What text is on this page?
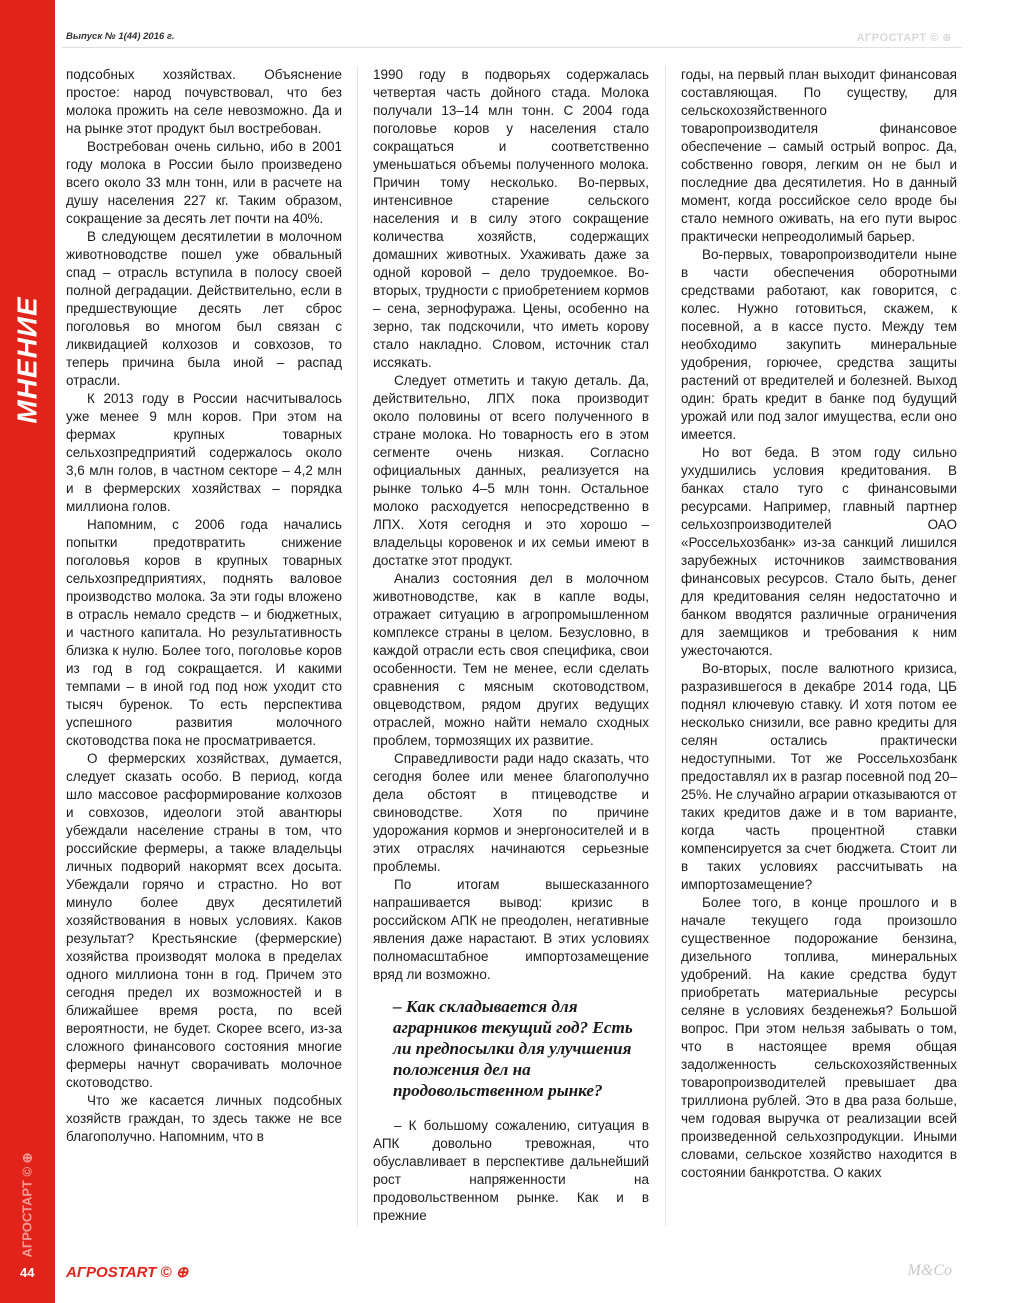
МНЕНИЕ
АГРОСТАРТ © ⊕
44
Выпуск № 1(44) 2016 г.	АГРОСТАРТ © ⊕

подсобных хозяйствах. Объяснение простое: народ почувствовал, что без молока прожить на селе невозможно. Да и на рынке этот продукт был востребован.

Востребован очень сильно, ибо в 2001 году молока в России было произведено всего около 33 млн тонн, или в расчете на душу населения 227 кг. Таким образом, сокращение за десять лет почти на 40%.

В следующем десятилетии в молочном животноводстве пошел уже обвальный спад – отрасль вступила в полосу своей полной деградации. Действительно, если в предшествующие десять лет сброс поголовья во многом был связан с ликвидацией колхозов и совхозов, то теперь причина была иной – распад отрасли.

К 2013 году в России насчитывалось уже менее 9 млн коров. При этом на фермах крупных товарных сельхозпредприятий содержалось около 3,6 млн голов, в частном секторе – 4,2 млн и в фермерских хозяйствах – порядка миллиона голов.

Напомним, с 2006 года начались попытки предотвратить снижение поголовья коров в крупных товарных сельхозпредприятиях, поднять валовое производство молока. За эти годы вложено в отрасль немало средств – и бюджетных, и частного капитала. Но результативность близка к нулю. Более того, поголовье коров из год в год сокращается. И какими темпами – в иной год под нож уходит сто тысяч буренок. То есть перспектива успешного развития молочного скотоводства пока не просматривается.

О фермерских хозяйствах, думается, следует сказать особо. В период, когда шло массовое расформирование колхозов и совхозов, идеологи этой авантюры убеждали население страны в том, что российские фермеры, а также владельцы личных подворий накормят всех досыта. Убеждали горячо и страстно. Но вот минуло более двух десятилетий хозяйствования в новых условиях. Каков результат? Крестьянские (фермерские) хозяйства производят молока в пределах одного миллиона тонн в год. Причем это сегодня предел их возможностей и в ближайшее время роста, по всей вероятности, не будет. Скорее всего, из-за сложного финансового состояния многие фермеры начнут сворачивать молочное скотоводство.

Что же касается личных подсобных хозяйств граждан, то здесь также не все благополучно. Напомним, что в

1990 году в подворьях содержалась четвертая часть дойного стада. Молока получали 13–14 млн тонн. С 2004 года поголовье коров у населения стало сокращаться и соответственно уменьшаться объемы полученного молока. Причин тому несколько. Во-первых, интенсивное старение сельского населения и в силу этого сокращение количества хозяйств, содержащих домашних животных. Ухаживать даже за одной коровой – дело трудоемкое. Во-вторых, трудности с приобретением кормов – сена, зернофуража. Цены, особенно на зерно, так подскочили, что иметь корову стало накладно. Словом, источник стал иссякать.

Следует отметить и такую деталь. Да, действительно, ЛПХ пока производит около половины от всего полученного в стране молока. Но товарность его в этом сегменте очень низкая. Согласно официальных данных, реализуется на рынке только 4–5 млн тонн. Остальное молоко расходуется непосредственно в ЛПХ. Хотя сегодня и это хорошо – владельцы коровенок и их семьи имеют в достатке этот продукт.

Анализ состояния дел в молочном животноводстве, как в капле воды, отражает ситуацию в агропромышленном комплексе страны в целом. Безусловно, в каждой отрасли есть своя специфика, свои особенности. Тем не менее, если сделать сравнения с мясным скотоводством, овцеводством, рядом других ведущих отраслей, можно найти немало сходных проблем, тормозящих их развитие.

Справедливости ради надо сказать, что сегодня более или менее благополучно дела обстоят в птицеводстве и свиноводстве. Хотя по причине удорожания кормов и энергоносителей и в этих отраслях начинаются серьезные проблемы.

По итогам вышесказанного напрашивается вывод: кризис в российском АПК не преодолен, негативные явления даже нарастают. В этих условиях полномасштабное импортозамещение вряд ли возможно.

– Как складывается для аграрников текущий год? Есть ли предпосылки для улучшения положения дел на продовольственном рынке?

– К большому сожалению, ситуация в АПК довольно тревожная, что обуславливает в перспективе дальнейший рост напряженности на продовольственном рынке. Как и в прежние

годы, на первый план выходит финансовая составляющая. По существу, для сельскохозяйственного товаропроизводителя финансовое обеспечение – самый острый вопрос. Да, собственно говоря, легким он не был и последние два десятилетия. Но в данный момент, когда российское село вроде бы стало немного оживать, на его пути вырос практически непреодолимый барьер.

Во-первых, товаропроизводители ныне в части обеспечения оборотными средствами работают, как говорится, с колес. Нужно готовиться, скажем, к посевной, а в кассе пусто. Между тем необходимо закупить минеральные удобрения, горючее, средства защиты растений от вредителей и болезней. Выход один: брать кредит в банке под будущий урожай или под залог имущества, если оно имеется.

Но вот беда. В этом году сильно ухудшились условия кредитования. В банках стало туго с финансовыми ресурсами. Например, главный партнер сельхозпроизводителей ОАО «Россельхозбанк» из-за санкций лишился зарубежных источников заимствования финансовых ресурсов. Стало быть, денег для кредитования селян недостаточно и банком вводятся различные ограничения для заемщиков и требования к ним ужесточаются.

Во-вторых, после валютного кризиса, разразившегося в декабре 2014 года, ЦБ поднял ключевую ставку. И хотя потом ее несколько снизили, все равно кредиты для селян остались практически недоступными. Тот же Россельхозбанк предоставлял их в разгар посевной под 20–25%. Не случайно аграрии отказываются от таких кредитов даже и в том варианте, когда часть процентной ставки компенсируется за счет бюджета. Стоит ли в таких условиях рассчитывать на импортозамещение?

Более того, в конце прошлого и в начале текущего года произошло существенное подорожание бензина, дизельного топлива, минеральных удобрений. На какие средства будут приобретать материальные ресурсы селяне в условиях безденежья? Большой вопрос. При этом нельзя забывать о том, что в настоящее время общая задолженность сельскохозяйственных товаропроизводителей превышает два триллиона рублей. Это в два раза больше, чем годовая выручка от реализации всей произведенной сельхозпродукции. Иными словами, сельское хозяйство находится в состоянии банкротства. О каких

АГРОSTART © ⊕	M&Co
